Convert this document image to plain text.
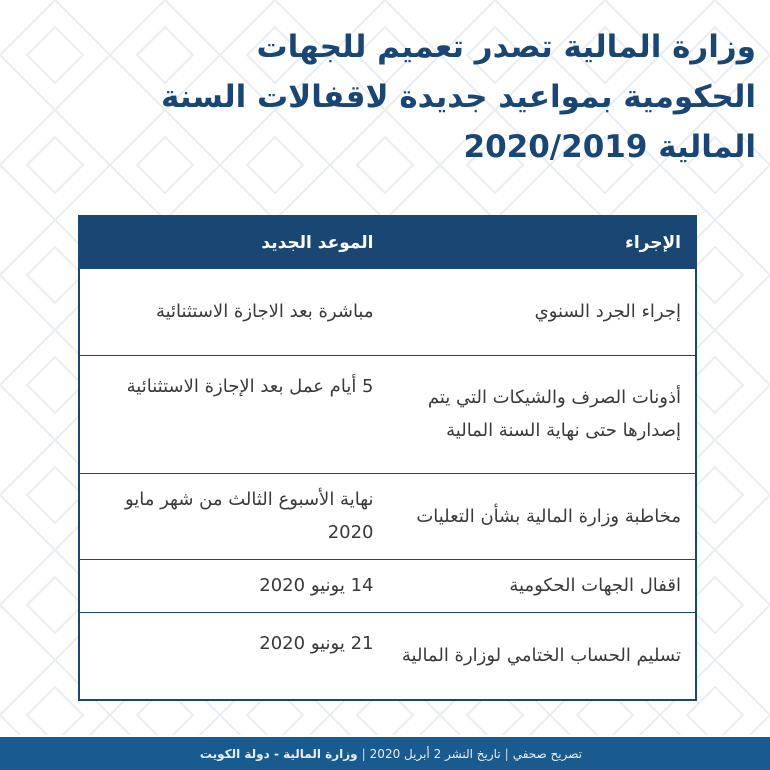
وزارة المالية تصدر تعميم للجهات
الحكومية بمواعيد جديدة لاقفالات السنة
المالية 2020/2019
الإجراء	الموعد الجديد
إجراء الجرد السنوي	مباشرة بعد الاجازة الاستثنائية
أذونات الصرف والشيكات التي يتم إصدارها حتى نهاية السنة المالية	5 أيام عمل بعد الإجازة الاستثنائية
مخاطبة وزارة المالية بشأن التعليات	نهاية الأسبوع الثالث من شهر مايو 2020
اقفال الجهات الحكومية	14 يونيو 2020
تسليم الحساب الختامي لوزارة المالية	21 يونيو 2020
تصريح صحفي
|
تاريخ النشر 2 أبريل 2020
|
وزارة المالية - دولة الكويت
